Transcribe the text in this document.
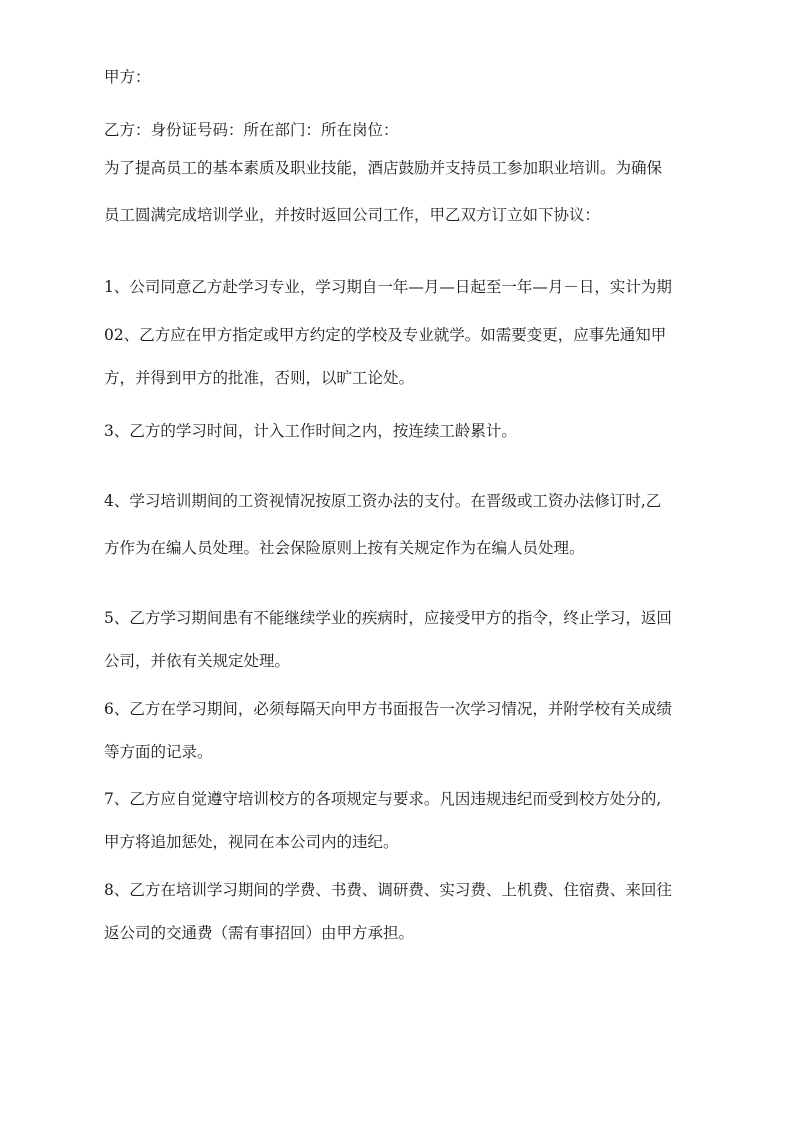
甲方：
乙方：身份证号码：所在部门：所在岗位：
为了提高员工的基本素质及职业技能，酒店鼓励并支持员工参加职业培训。为确保
员工圆满完成培训学业，并按时返回公司工作，甲乙双方订立如下协议：
1、公司同意乙方赴学习专业，学习期自一年—月—日起至一年—月－日，实计为期
02、乙方应在甲方指定或甲方约定的学校及专业就学。如需要变更，应事先通知甲
方，并得到甲方的批准，否则，以旷工论处。
3、乙方的学习时间，计入工作时间之内，按连续工龄累计。
4、学习培训期间的工资视情况按原工资办法的支付。在晋级或工资办法修订时,乙
方作为在编人员处理。社会保险原则上按有关规定作为在编人员处理。
5、乙方学习期间患有不能继续学业的疾病时，应接受甲方的指令，终止学习，返回
公司，并依有关规定处理。
6、乙方在学习期间，必须每隔天向甲方书面报告一次学习情况，并附学校有关成绩
等方面的记录。
7、乙方应自觉遵守培训校方的各项规定与要求。凡因违规违纪而受到校方处分的,
甲方将追加惩处，视同在本公司内的违纪。
8、乙方在培训学习期间的学费、书费、调研费、实习费、上机费、住宿费、来回往
返公司的交通费（需有事招回）由甲方承担。
